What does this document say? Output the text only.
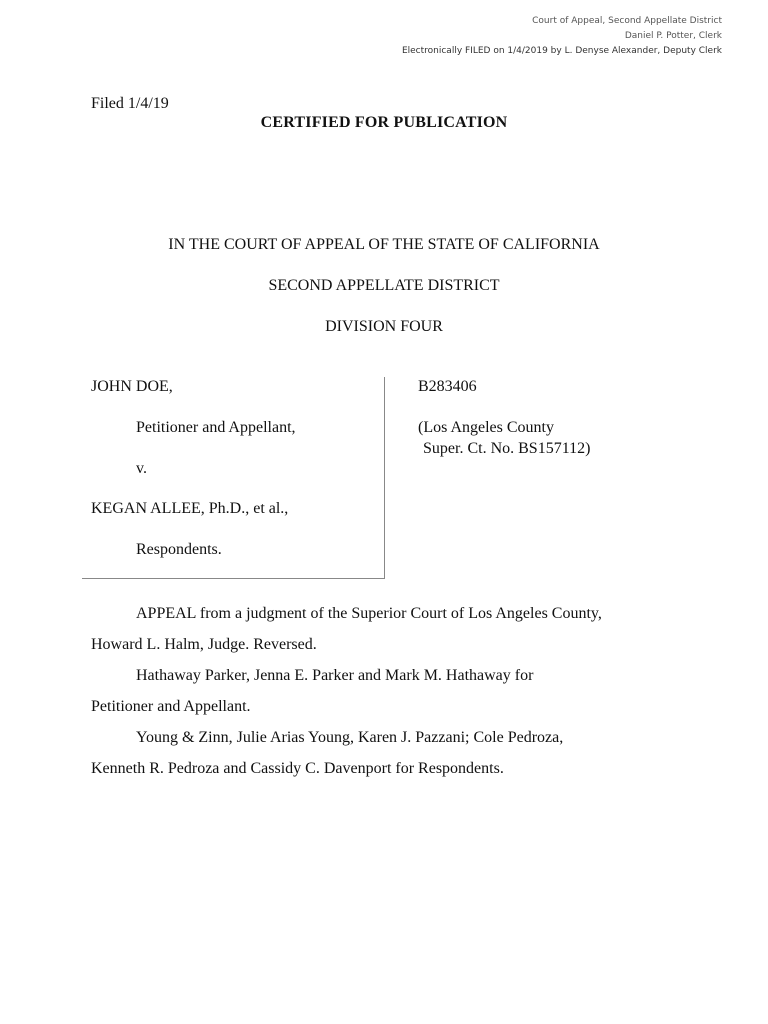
Court of Appeal, Second Appellate District
Daniel P. Potter, Clerk
Electronically FILED on 1/4/2019 by L. Denyse Alexander, Deputy Clerk
Filed 1/4/19
CERTIFIED FOR PUBLICATION
IN THE COURT OF APPEAL OF THE STATE OF CALIFORNIA
SECOND APPELLATE DISTRICT
DIVISION FOUR
JOHN DOE,
Petitioner and Appellant,
v.
KEGAN ALLEE, Ph.D., et al.,
Respondents.
B283406
(Los Angeles County
Super. Ct. No. BS157112)
APPEAL from a judgment of the Superior Court of Los Angeles County,
Howard L. Halm, Judge. Reversed.
Hathaway Parker, Jenna E. Parker and Mark M. Hathaway for
Petitioner and Appellant.
Young & Zinn, Julie Arias Young, Karen J. Pazzani; Cole Pedroza,
Kenneth R. Pedroza and Cassidy C. Davenport for Respondents.
